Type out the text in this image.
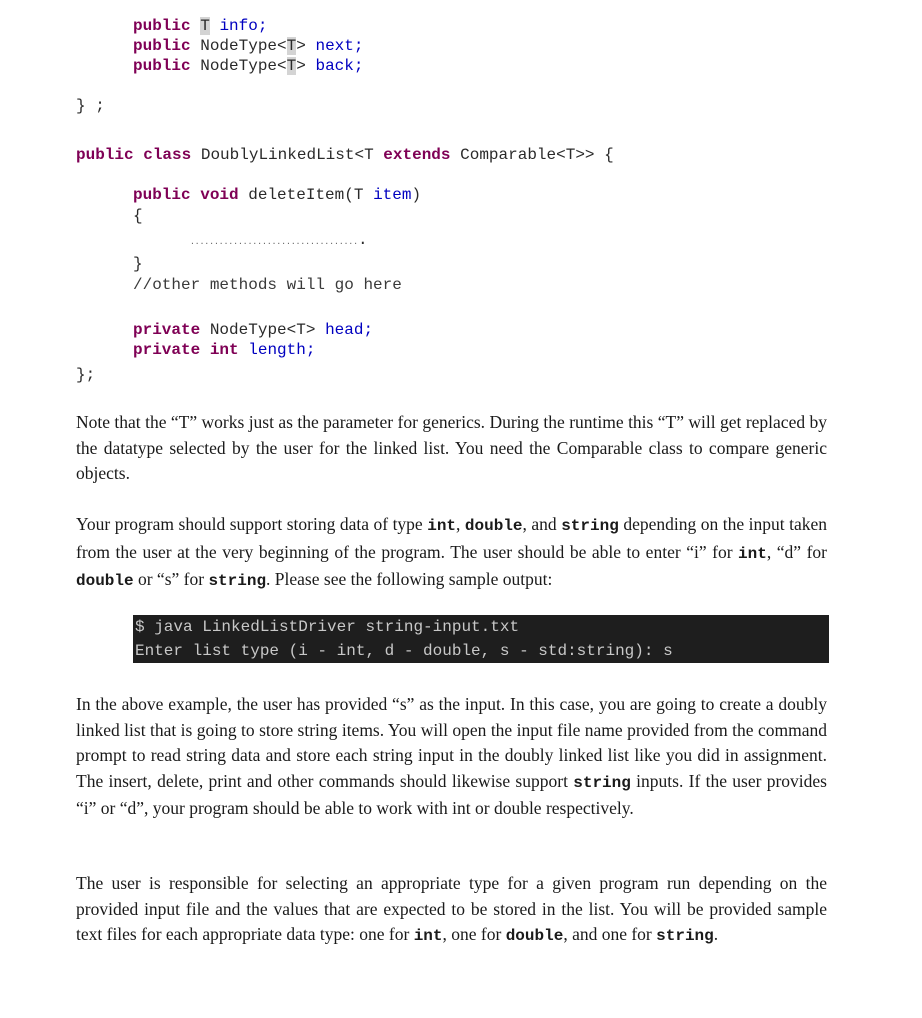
public T info;
public NodeType<T> next;
public NodeType<T> back;
} ;
public class DoublyLinkedList<T extends Comparable<T>> {
public void deleteItem(T item)
{
....................................
}
//other methods will go here
private NodeType<T> head;
private int length;
};

Note that the “T” works just as the parameter for generics. During the runtime this “T” will get replaced by the datatype selected by the user for the linked list. You need the Comparable class to compare generic objects.

Your program should support storing data of type int, double, and string depending on the input taken from the user at the very beginning of the program. The user should be able to enter “i” for int, “d” for double or “s” for string. Please see the following sample output:

$ java LinkedListDriver string-input.txt
Enter list type (i - int, d - double, s - std:string): s

In the above example, the user has provided “s” as the input. In this case, you are going to create a doubly linked list that is going to store string items. You will open the input file name provided from the command prompt to read string data and store each string input in the doubly linked list like you did in assignment. The insert, delete, print and other commands should likewise support string inputs. If the user provides “i” or “d”, your program should be able to work with int or double respectively.

The user is responsible for selecting an appropriate type for a given program run depending on the provided input file and the values that are expected to be stored in the list. You will be provided sample text files for each appropriate data type: one for int, one for double, and one for string.
